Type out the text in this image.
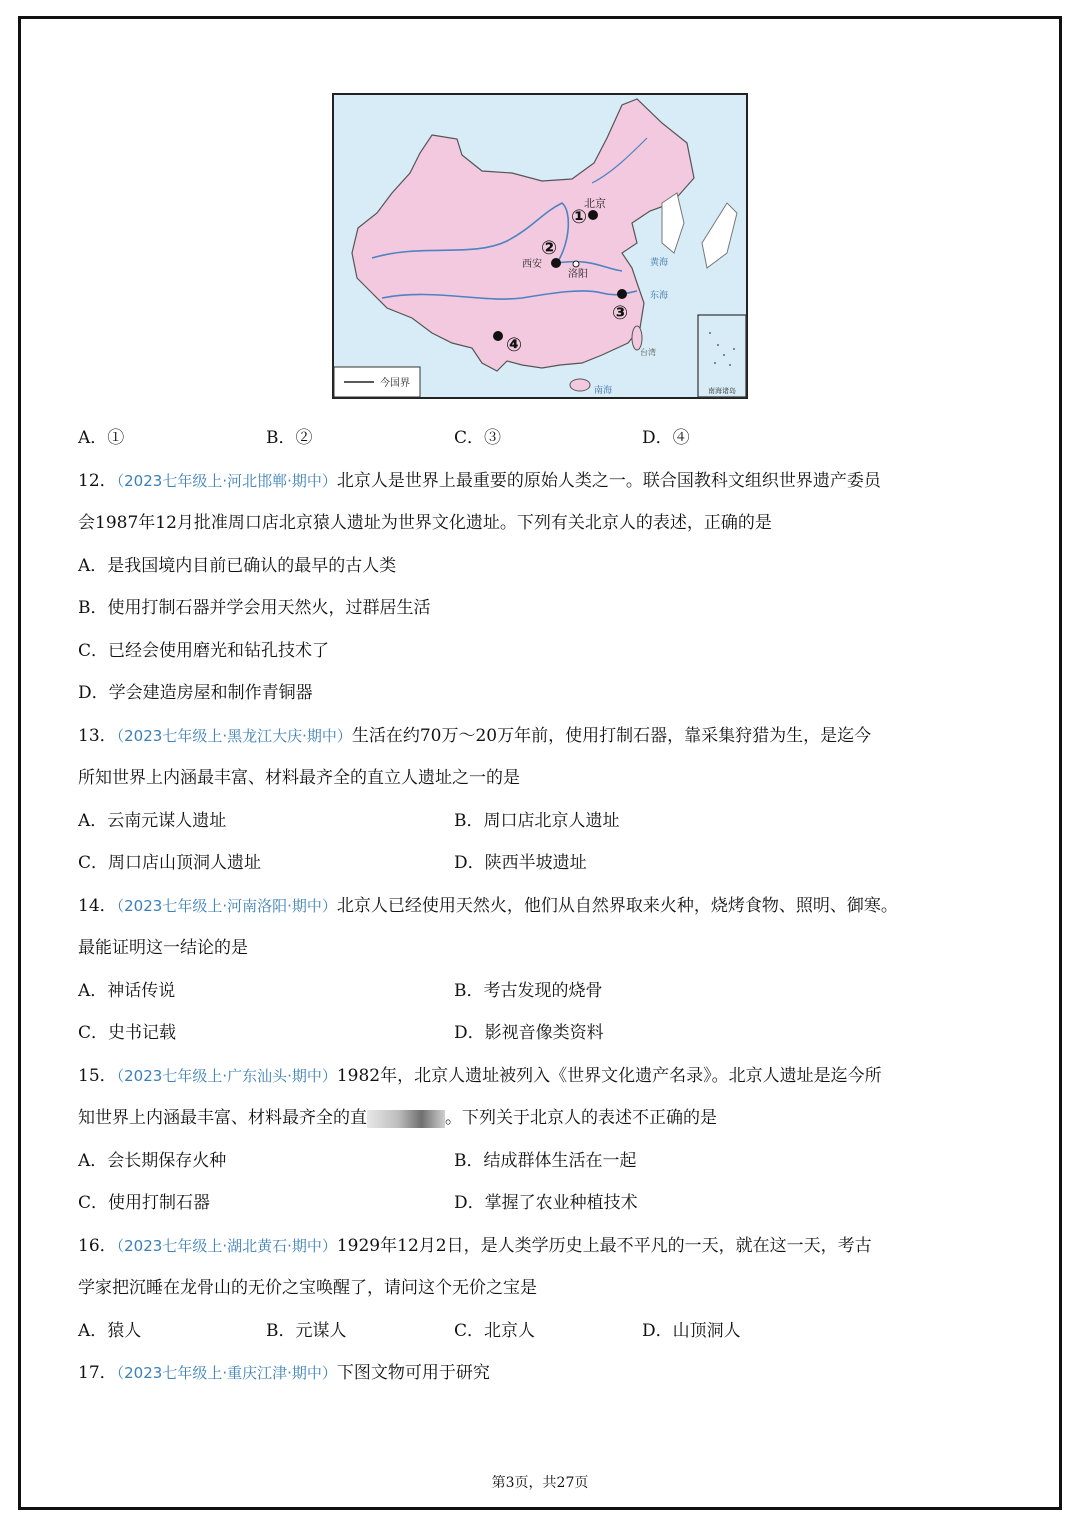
南海诸岛
今国界
黄海
东海
南海
台湾
北京
西安
洛阳
①
②
③
④
A．①	B．②	C．③	D．④
12．（2023七年级上·河北邯郸·期中）北京人是世界上最重要的原始人类之一。联合国教科文组织世界遗产委员
会1987年12月批准周口店北京猿人遗址为世界文化遗址。下列有关北京人的表述，正确的是
A．是我国境内目前已确认的最早的古人类
B．使用打制石器并学会用天然火，过群居生活
C．已经会使用磨光和钻孔技术了
D．学会建造房屋和制作青铜器
13．（2023七年级上·黑龙江大庆·期中）生活在约70万～20万年前，使用打制石器，靠采集狩猎为生，是迄今
所知世界上内涵最丰富、材料最齐全的直立人遗址之一的是
A．云南元谋人遗址	B．周口店北京人遗址
C．周口店山顶洞人遗址	D．陕西半坡遗址
14．（2023七年级上·河南洛阳·期中）北京人已经使用天然火，他们从自然界取来火种，烧烤食物、照明、御寒。
最能证明这一结论的是
A．神话传说	B．考古发现的烧骨
C．史书记载	D．影视音像类资料
15．（2023七年级上·广东汕头·期中）1982年，北京人遗址被列入《世界文化遗产名录》。北京人遗址是迄今所
知世界上内涵最丰富、材料最齐全的直	。下列关于北京人的表述不正确的是
A．会长期保存火种	B．结成群体生活在一起
C．使用打制石器	D．掌握了农业种植技术
16．（2023七年级上·湖北黄石·期中）1929年12月2日，是人类学历史上最不平凡的一天，就在这一天，考古
学家把沉睡在龙骨山的无价之宝唤醒了，请问这个无价之宝是
A．猿人	B．元谋人	C．北京人	D．山顶洞人
17．（2023七年级上·重庆江津·期中）下图文物可用于研究
第3页，共27页
